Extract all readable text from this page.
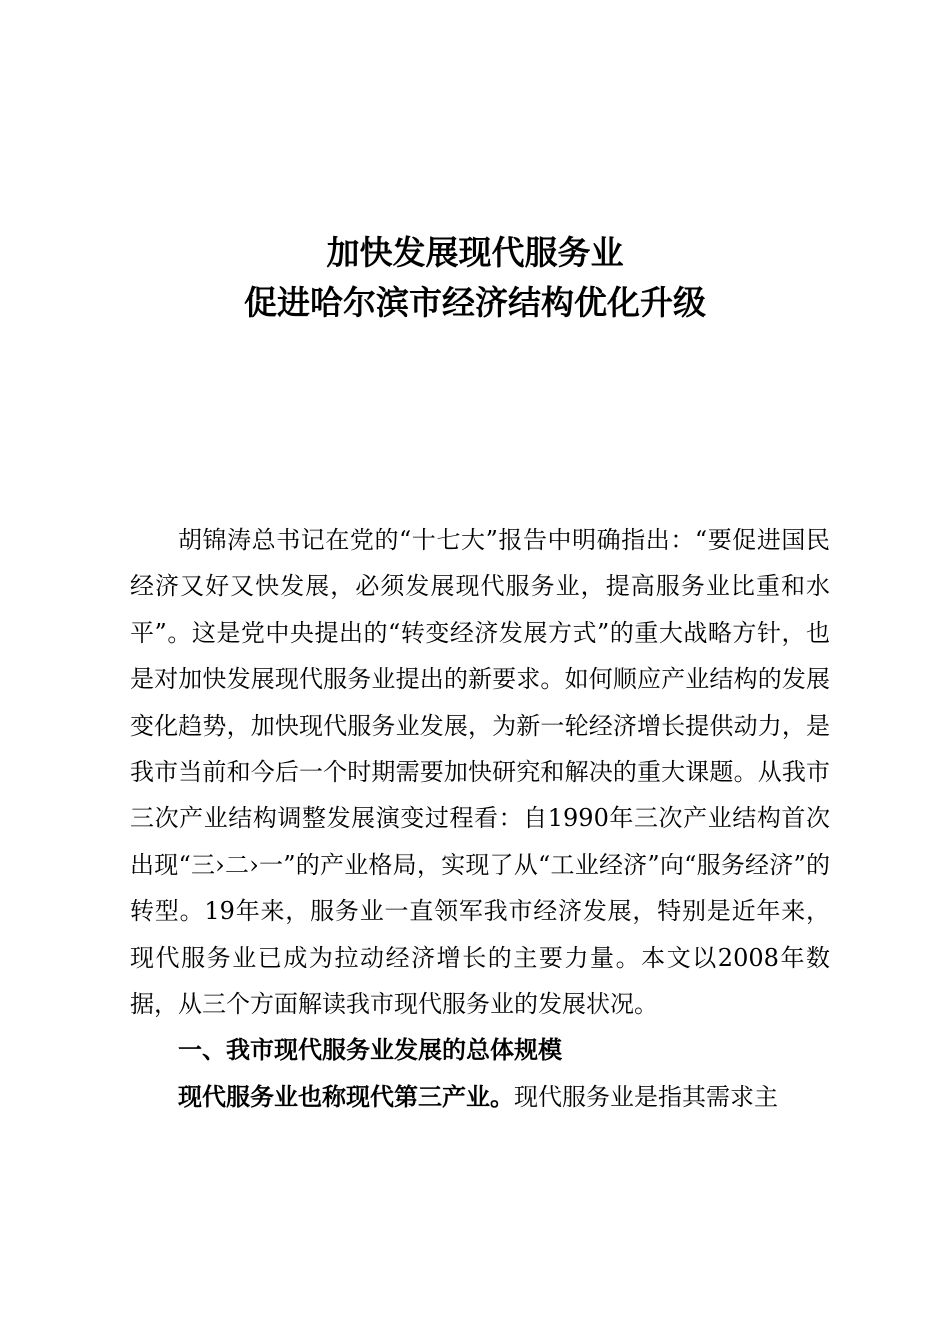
加快发展现代服务业
促进哈尔滨市经济结构优化升级

胡锦涛总书记在党的“十七大”报告中明确指出：“要促进国民经济又好又快发展，必须发展现代服务业，提高服务业比重和水平”。这是党中央提出的“转变经济发展方式”的重大战略方针，也是对加快发展现代服务业提出的新要求。如何顺应产业结构的发展变化趋势，加快现代服务业发展，为新一轮经济增长提供动力，是我市当前和今后一个时期需要加快研究和解决的重大课题。从我市三次产业结构调整发展演变过程看：自1990年三次产业结构首次出现“三›二›一”的产业格局，实现了从“工业经济”向“服务经济”的转型。19年来，服务业一直领军我市经济发展，特别是近年来，现代服务业已成为拉动经济增长的主要力量。本文以2008年数据，从三个方面解读我市现代服务业的发展状况。

一、我市现代服务业发展的总体规模

现代服务业也称现代第三产业。现代服务业是指其需求主
